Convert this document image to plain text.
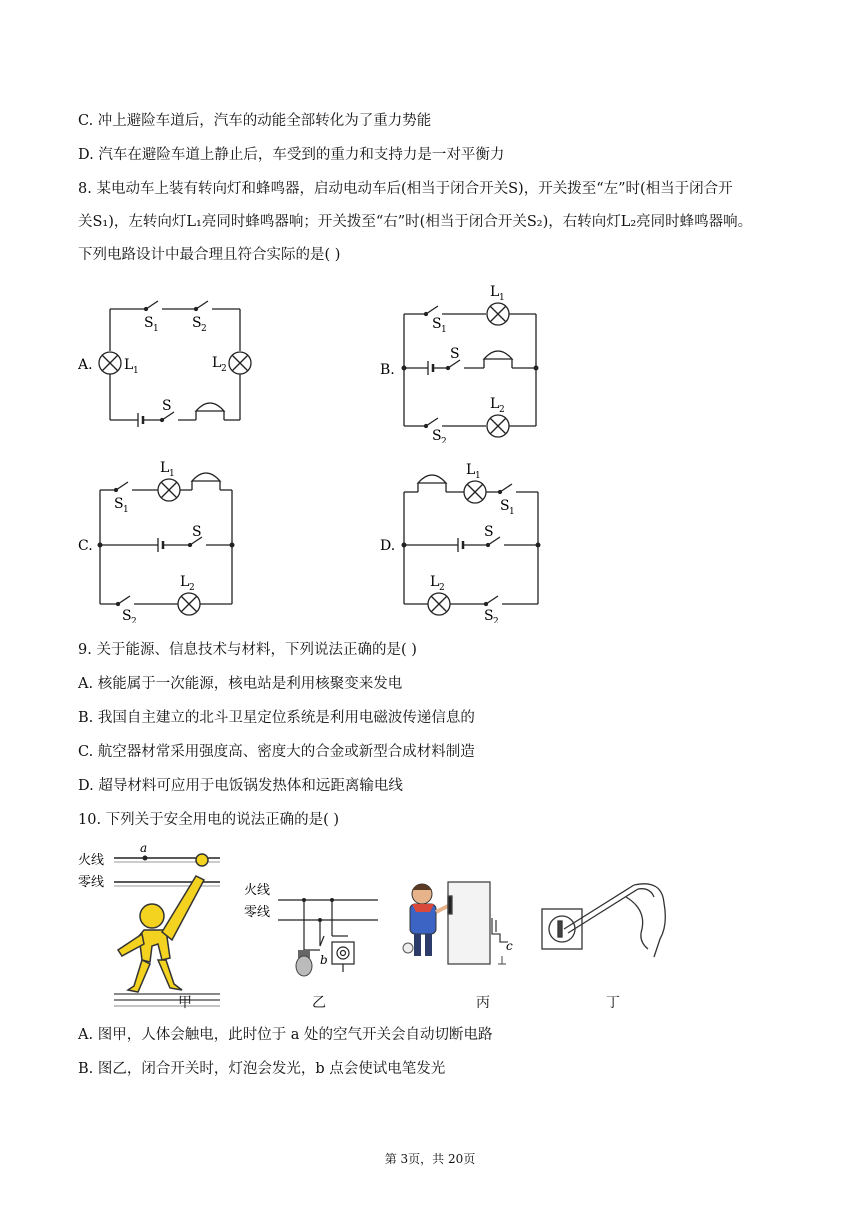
C. 冲上避险车道后，汽车的动能全部转化为了重力势能
D. 汽车在避险车道上静止后，车受到的重力和支持力是一对平衡力
8. 某电动车上装有转向灯和蜂鸣器，启动电动车后(相当于闭合开关S)，开关拨至“左”时(相当于闭合开
关S₁)，左转向灯L₁亮同时蜂鸣器响；开关拨至“右”时(相当于闭合开关S₂)，右转向灯L₂亮同时蜂鸣器响。
下列电路设计中最合理且符合实际的是( )
S 1 S 2
A. L 1	L 2
S
B.
S 1
L 1
S
S 2
L 2
C.
S 1
L 1
S
S 2
L 2
D.
L 1
S 1
S
L 2
S 2
9. 关于能源、信息技术与材料，下列说法正确的是( )
A. 核能属于一次能源，核电站是利用核聚变来发电
B. 我国自主建立的北斗卫星定位系统是利用电磁波传递信息的
C. 航空器材常采用强度高、密度大的合金或新型合成材料制造
D. 超导材料可应用于电饭锅发热体和远距离输电线
10. 下列关于安全用电的说法正确的是( )
a
火线
零线
甲
火线
零线
b
乙
c
丙	丁
A. 图甲，人体会触电，此时位于 a 处的空气开关会自动切断电路
B. 图乙，闭合开关时，灯泡会发光，b 点会使试电笔发光
第 3页，共 20页
